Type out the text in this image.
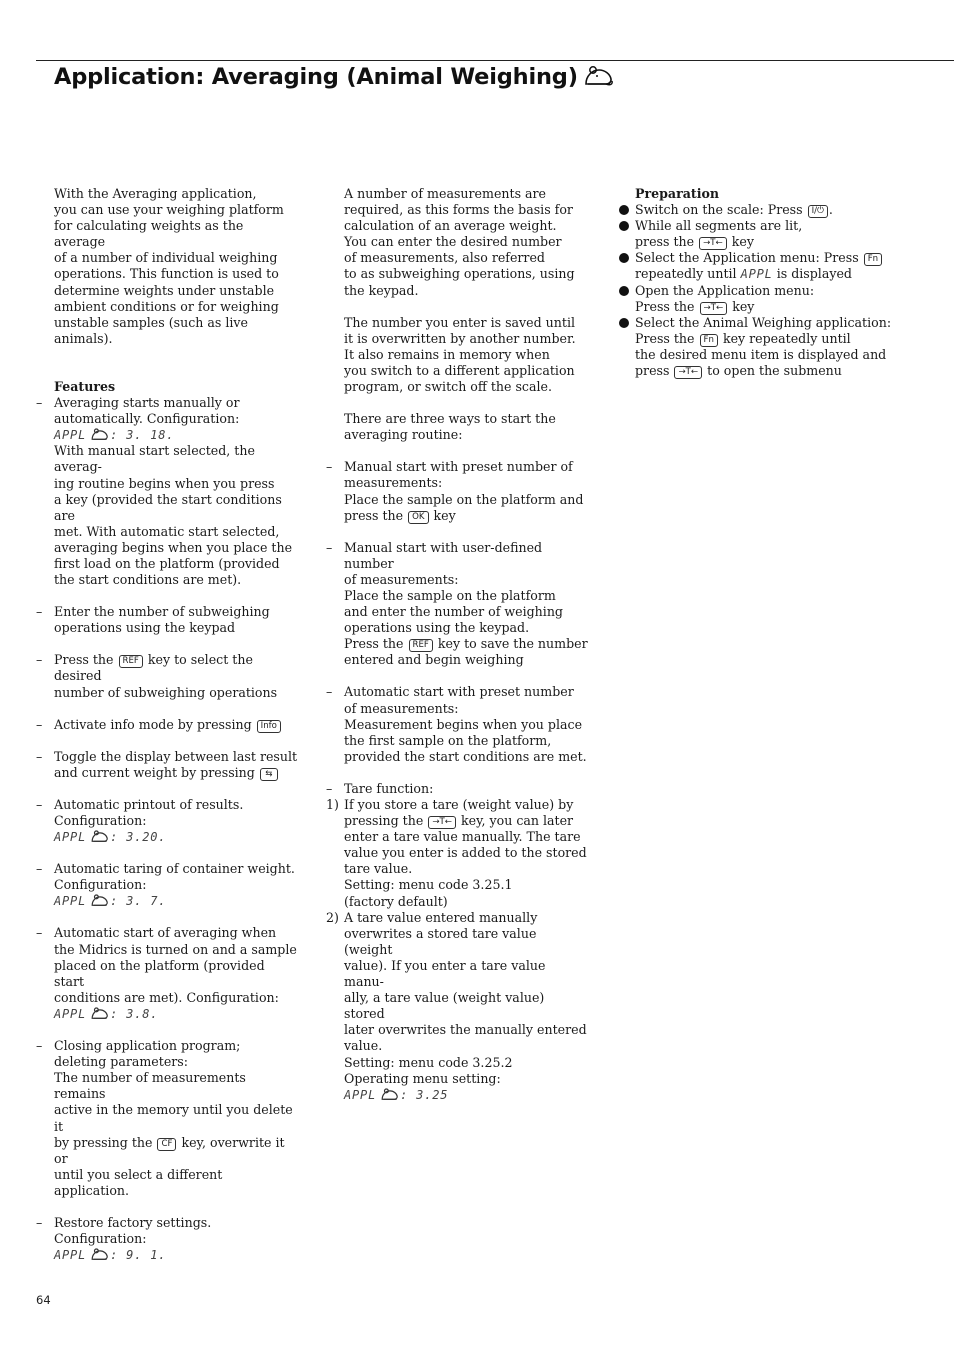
Application: Averaging (Animal Weighing)

With the Averaging application,

you can use your weighing platform

for calculating weights as the average

of a number of individual weighing

operations. This function is used to

determine weights under unstable

ambient conditions or for weighing

unstable samples (such as live animals).

Features

– Averaging starts manually or

automatically. Configuration:

APPL : 3. 18.

With manual start selected, the averag-

ing routine begins when you press

a key (provided the start conditions are

met. With automatic start selected,

averaging begins when you place the

first load on the platform (provided

the start conditions are met).

– Enter the number of subweighing

operations using the keypad

– Press the REF key to select the desired

number of subweighing operations

– Activate info mode by pressing Info

– Toggle the display between last result

and current weight by pressing ⇆

– Automatic printout of results.

Configuration:

APPL : 3.20.

– Automatic taring of container weight.

Configuration:

APPL : 3. 7.

– Automatic start of averaging when

the Midrics is turned on and a sample

placed on the platform (provided start

conditions are met). Configuration:

APPL : 3.8.

– Closing application program;

deleting parameters:

The number of measurements remains

active in the memory until you delete it

by pressing the CF key, overwrite it or

until you select a different application.

– Restore factory settings. Configuration:

APPL : 9. 1.

A number of measurements are

required, as this forms the basis for

calculation of an average weight.

You can enter the desired number

of measurements, also referred

to as subweighing operations, using

the keypad.

The number you enter is saved until

it is overwritten by another number.

It also remains in memory when

you switch to a different application

program, or switch off the scale.

There are three ways to start the

averaging routine:

– Manual start with preset number of

measurements:

Place the sample on the platform and

press the OK key

– Manual start with user-defined number

of measurements:

Place the sample on the platform

and enter the number of weighing

operations using the keypad.

Press the REF key to save the number

entered and begin weighing

– Automatic start with preset number

of measurements:

Measurement begins when you place

the first sample on the platform,

provided the start conditions are met.

– Tare function:

1) If you store a tare (weight value) by

pressing the →T← key, you can later

enter a tare value manually. The tare

value you enter is added to the stored

tare value.

Setting: menu code 3.25.1

(factory default)

2) A tare value entered manually

overwrites a stored tare value (weight

value). If you enter a tare value manu-

ally, a tare value (weight value) stored

later overwrites the manually entered

value.

Setting: menu code 3.25.2

Operating menu setting:

APPL : 3.25

Preparation

Switch on the scale: Press I/⏻ .

While all segments are lit,

press the →T← key

Select the Application menu: Press Fn

repeatedly until APPL is displayed

Open the Application menu:

Press the →T← key

Select the Animal Weighing application:

Press the Fn key repeatedly until

the desired menu item is displayed and

press →T← to open the submenu

64
